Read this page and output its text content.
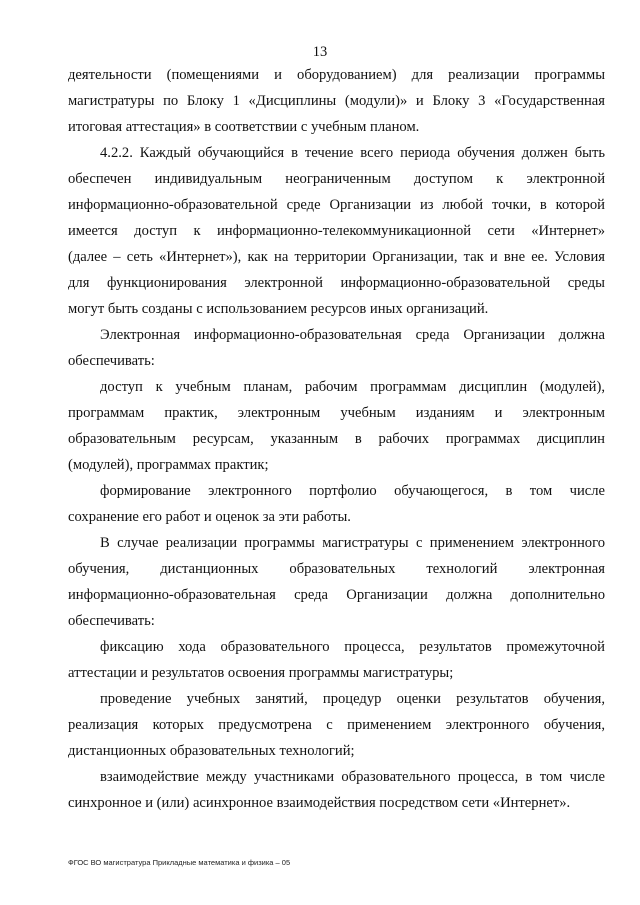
13
деятельности (помещениями и оборудованием) для реализации программы
магистратуры по Блоку 1 «Дисциплины (модули)» и Блоку 3 «Государственная
итоговая аттестация» в соответствии с учебным планом.
4.2.2. Каждый обучающийся в течение всего периода обучения должен быть
обеспечен индивидуальным неограниченным доступом к электронной
информационно-образовательной среде Организации из любой точки, в которой
имеется доступ к информационно-телекоммуникационной сети «Интернет»
(далее – сеть «Интернет»), как на территории Организации, так и вне ее. Условия
для функционирования электронной информационно-образовательной среды
могут быть созданы с использованием ресурсов иных организаций.
Электронная информационно-образовательная среда Организации должна
обеспечивать:
доступ к учебным планам, рабочим программам дисциплин (модулей),
программам практик, электронным учебным изданиям и электронным
образовательным ресурсам, указанным в рабочих программах дисциплин
(модулей), программах практик;
формирование электронного портфолио обучающегося, в том числе
сохранение его работ и оценок за эти работы.
В случае реализации программы магистратуры с применением электронного
обучения, дистанционных образовательных технологий электронная
информационно-образовательная среда Организации должна дополнительно
обеспечивать:
фиксацию хода образовательного процесса, результатов промежуточной
аттестации и результатов освоения программы магистратуры;
проведение учебных занятий, процедур оценки результатов обучения,
реализация которых предусмотрена с применением электронного обучения,
дистанционных образовательных технологий;
взаимодействие между участниками образовательного процесса, в том числе
синхронное и (или) асинхронное взаимодействия посредством сети «Интернет».
ФГОС ВО магистратура Прикладные математика и физика – 05
